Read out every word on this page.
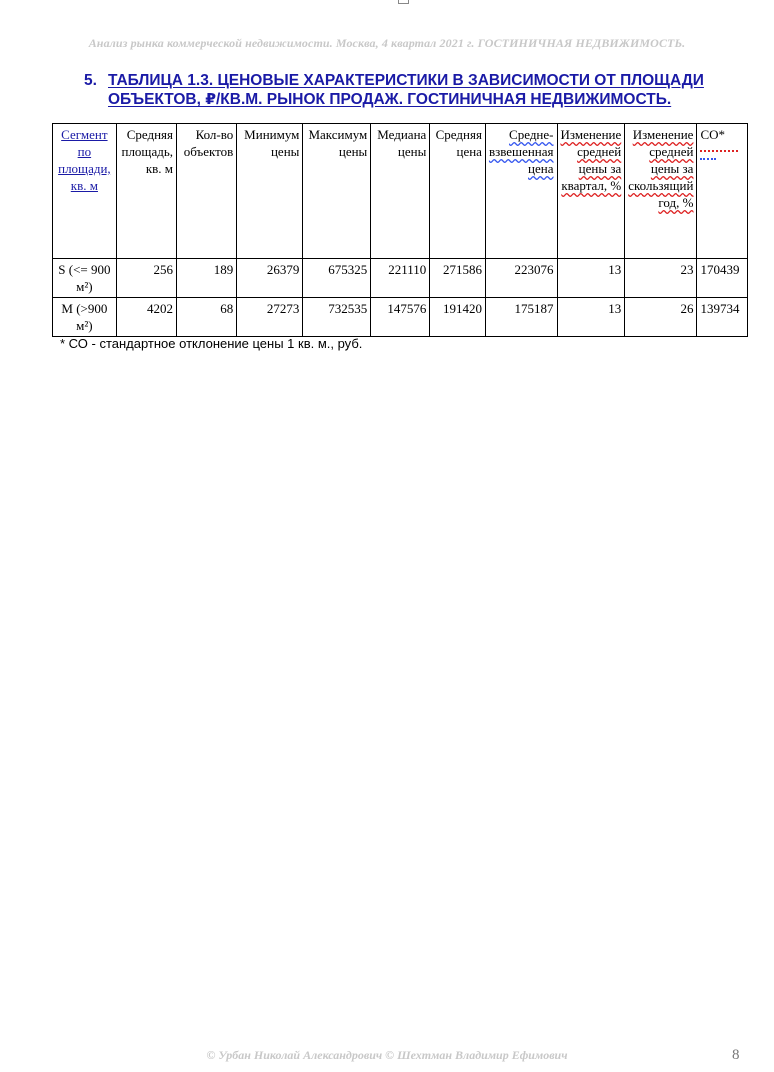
Анализ рынка коммерческой недвижимости. Москва, 4 квартал 2021 г. ГОСТИНИЧНАЯ НЕДВИЖИМОСТЬ.
5. ТАБЛИЦА 1.3. ЦЕНОВЫЕ ХАРАКТЕРИСТИКИ В ЗАВИСИМОСТИ ОТ ПЛОЩАДИ
ОБЪЕКТОВ, ₽/КВ.М. РЫНОК ПРОДАЖ. ГОСТИНИЧНАЯ НЕДВИЖИМОСТЬ.
Сегмент по площади, кв. м	Средняя площадь, кв. м	Кол-во объектов	Минимум цены	Максимум цены	Медиана цены	Средняя цена	Средне-взвешенная цена	Изменение средней цены за квартал, %	Изменение средней цены за скользящий год, %	СО*

S (<= 900 м²)	256	189	26379	675325	221110	271586	223076	13	23	170439
M (>900 м²)	4202	68	27273	732535	147576	191420	175187	13	26	139734
* СО - стандартное отклонение цены 1 кв. м., руб.
© Урбан Николай Александрович © Шехтман Владимир Ефимович	8
